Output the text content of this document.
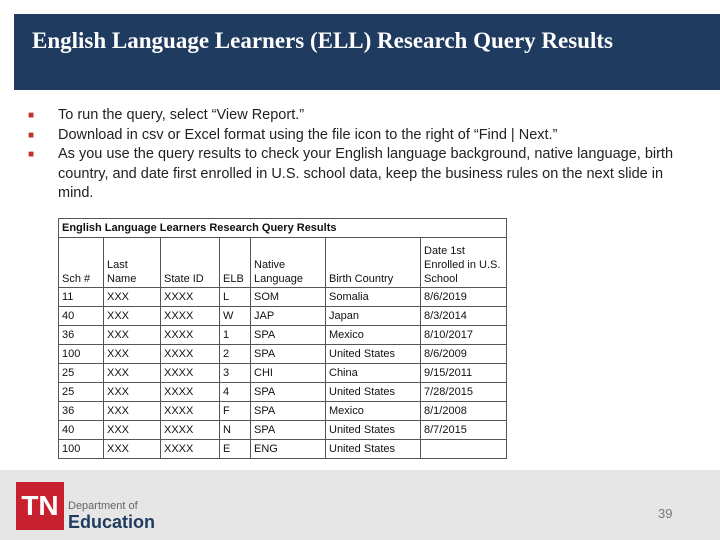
English Language Learners (ELL) Research Query Results
■ To run the query, select “View Report.”
■ Download in csv or Excel format using the file icon to the right of “Find | Next.”
■ As you use the query results to check your English language background, native language, birth country, and date first enrolled in U.S. school data, keep the business rules on the next slide in mind.
English Language Learners Research Query Results						
Sch #	Last Name	State ID	ELB	Native Language	Birth Country	Date 1st Enrolled in U.S. School
11	XXX	XXXX	L	SOM	Somalia	8/6/2019
40	XXX	XXXX	W	JAP	Japan	8/3/2014
36	XXX	XXXX	1	SPA	Mexico	8/10/2017
100	XXX	XXXX	2	SPA	United States	8/6/2009
25	XXX	XXXX	3	CHI	China	9/15/2011
25	XXX	XXXX	4	SPA	United States	7/28/2015
36	XXX	XXXX	F	SPA	Mexico	8/1/2008
40	XXX	XXXX	N	SPA	United States	8/7/2015
100	XXX	XXXX	E	ENG	United States	
TN Department of
Education	39
